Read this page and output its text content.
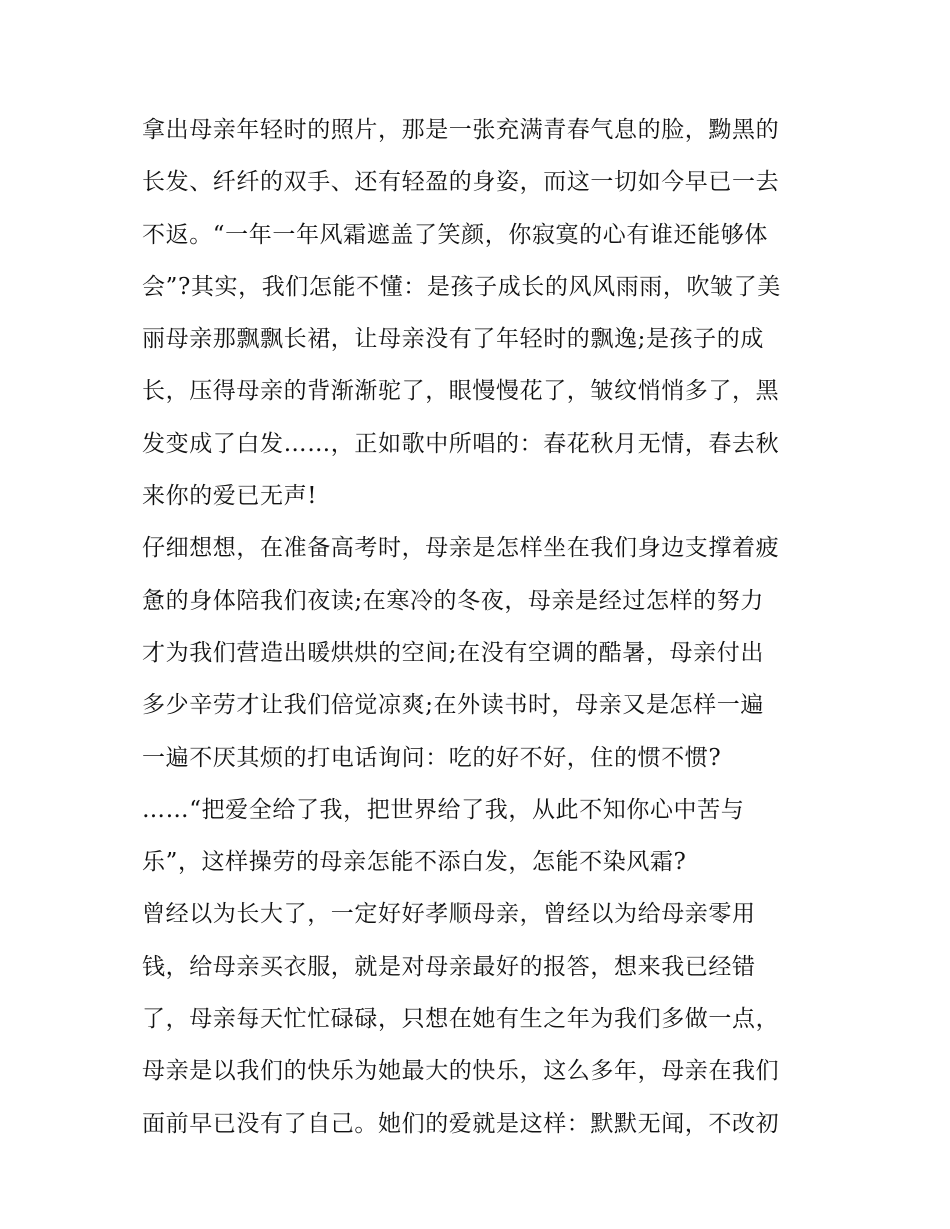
拿出母亲年轻时的照片，那是一张充满青春气息的脸，黝黑的
长发、纤纤的双手、还有轻盈的身姿，而这一切如今早已一去
不返。“一年一年风霜遮盖了笑颜，你寂寞的心有谁还能够体
会”?其实，我们怎能不懂：是孩子成长的风风雨雨，吹皱了美
丽母亲那飘飘长裙，让母亲没有了年轻时的飘逸;是孩子的成
长，压得母亲的背渐渐驼了，眼慢慢花了，皱纹悄悄多了，黑
发变成了白发……，正如歌中所唱的：春花秋月无情，春去秋
来你的爱已无声!
仔细想想，在准备高考时，母亲是怎样坐在我们身边支撑着疲
惫的身体陪我们夜读;在寒冷的冬夜，母亲是经过怎样的努力
才为我们营造出暖烘烘的空间;在没有空调的酷暑，母亲付出
多少辛劳才让我们倍觉凉爽;在外读书时，母亲又是怎样一遍
一遍不厌其烦的打电话询问：吃的好不好，住的惯不惯?
……“把爱全给了我，把世界给了我，从此不知你心中苦与
乐”，这样操劳的母亲怎能不添白发，怎能不染风霜?
曾经以为长大了，一定好好孝顺母亲，曾经以为给母亲零用
钱，给母亲买衣服，就是对母亲最好的报答，想来我已经错
了，母亲每天忙忙碌碌，只想在她有生之年为我们多做一点，
母亲是以我们的快乐为她最大的快乐，这么多年，母亲在我们
面前早已没有了自己。她们的爱就是这样：默默无闻，不改初
